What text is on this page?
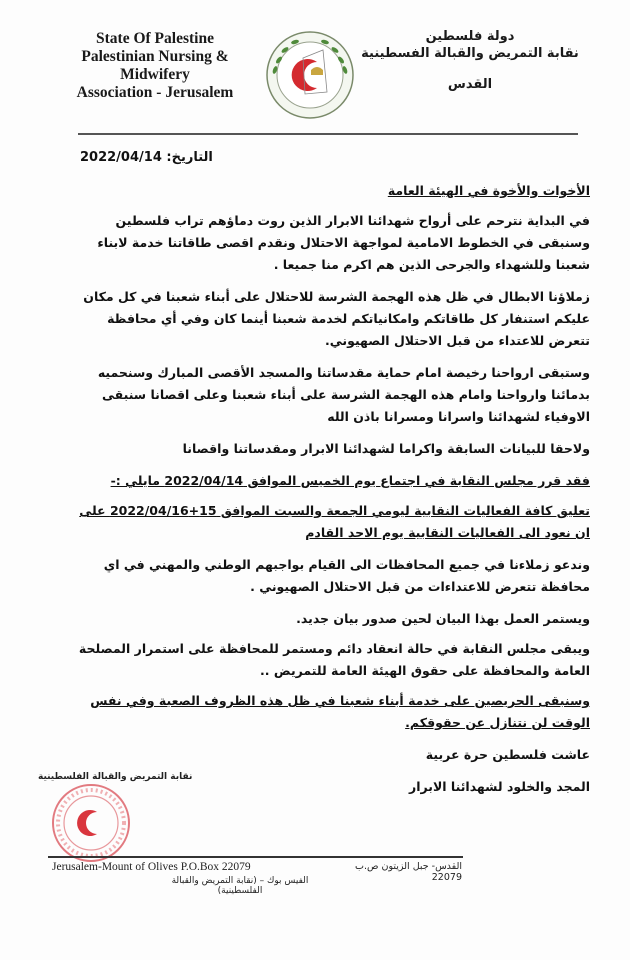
State Of Palestine
Palestinian Nursing &
Midwifery
Association - Jerusalem
دولة فلسطين
نقابة التمريض والقبالة الفسطينية
القدس
التاريخ: 2022/04/14

الأخوات والأخوة في الهيئة العامة

في البداية نترحم على أرواح شهدائنا الابرار الذين روت دماؤهم تراب فلسطين وسنبقى في الخطوط الامامية لمواجهة الاحتلال ونقدم اقصى طاقاتنا خدمة لابناء شعبنا وللشهداء والجرحى الذين هم اكرم منا جميعا .

زملاؤنا الابطال في ظل هذه الهجمة الشرسة للاحتلال على أبناء شعبنا في كل مكان عليكم استنفار كل طاقاتكم وامكانياتكم لخدمة شعبنا أينما كان وفي أي محافظة تتعرض للاعتداء من قبل الاحتلال الصهيوني.

وستبقى ارواحنا رخيصة امام حماية مقدساتنا والمسجد الأقصى المبارك وسنحميه بدمائنا وارواحنا وامام هذه الهجمة الشرسة على أبناء شعبنا وعلى اقصانا سنبقى الاوفياء لشهدائنا واسرانا ومسرانا باذن الله

ولاحقا للبيانات السابقة واكراما لشهدائنا الابرار ومقدساتنا واقصانا

فقد قرر مجلس النقابة في اجتماع يوم الخميس الموافق 2022/04/14 مايلي :-

تعليق كافة الفعاليات النقابية ليومي الجمعة والسبت الموافق 15+2022/04/16 على ان نعود الى الفعاليات النقابية يوم الاحد القادم

وندعو زملاءنا في جميع المحافظات الى القيام بواجبهم الوطني والمهني في اي محافظة تتعرض للاعتداءات من قبل الاحتلال الصهيوني .

ويستمر العمل بهذا البيان لحين صدور بيان جديد.

ويبقى مجلس النقابة في حالة انعقاد دائم ومستمر للمحافظة على استمرار المصلحة العامة والمحافظة على حقوق الهيئة العامة للتمريض ..

وسنبقى الحريصين على خدمة أبناء شعبنا في ظل هذه الظروف الصعبة وفي نفس الوقت لن نتنازل عن حقوقكم.

عاشت فلسطين حرة عربية

المجد والخلود لشهدائنا الابرار

نقابة التمريض والقبالة الفلسطينية
Jerusalem-Mount of Olives P.O.Box 22079	القدس- جبل الزيتون ص.ب 22079
الفيس بوك – (نقابة التمريض والقبالة الفلسطينية)
